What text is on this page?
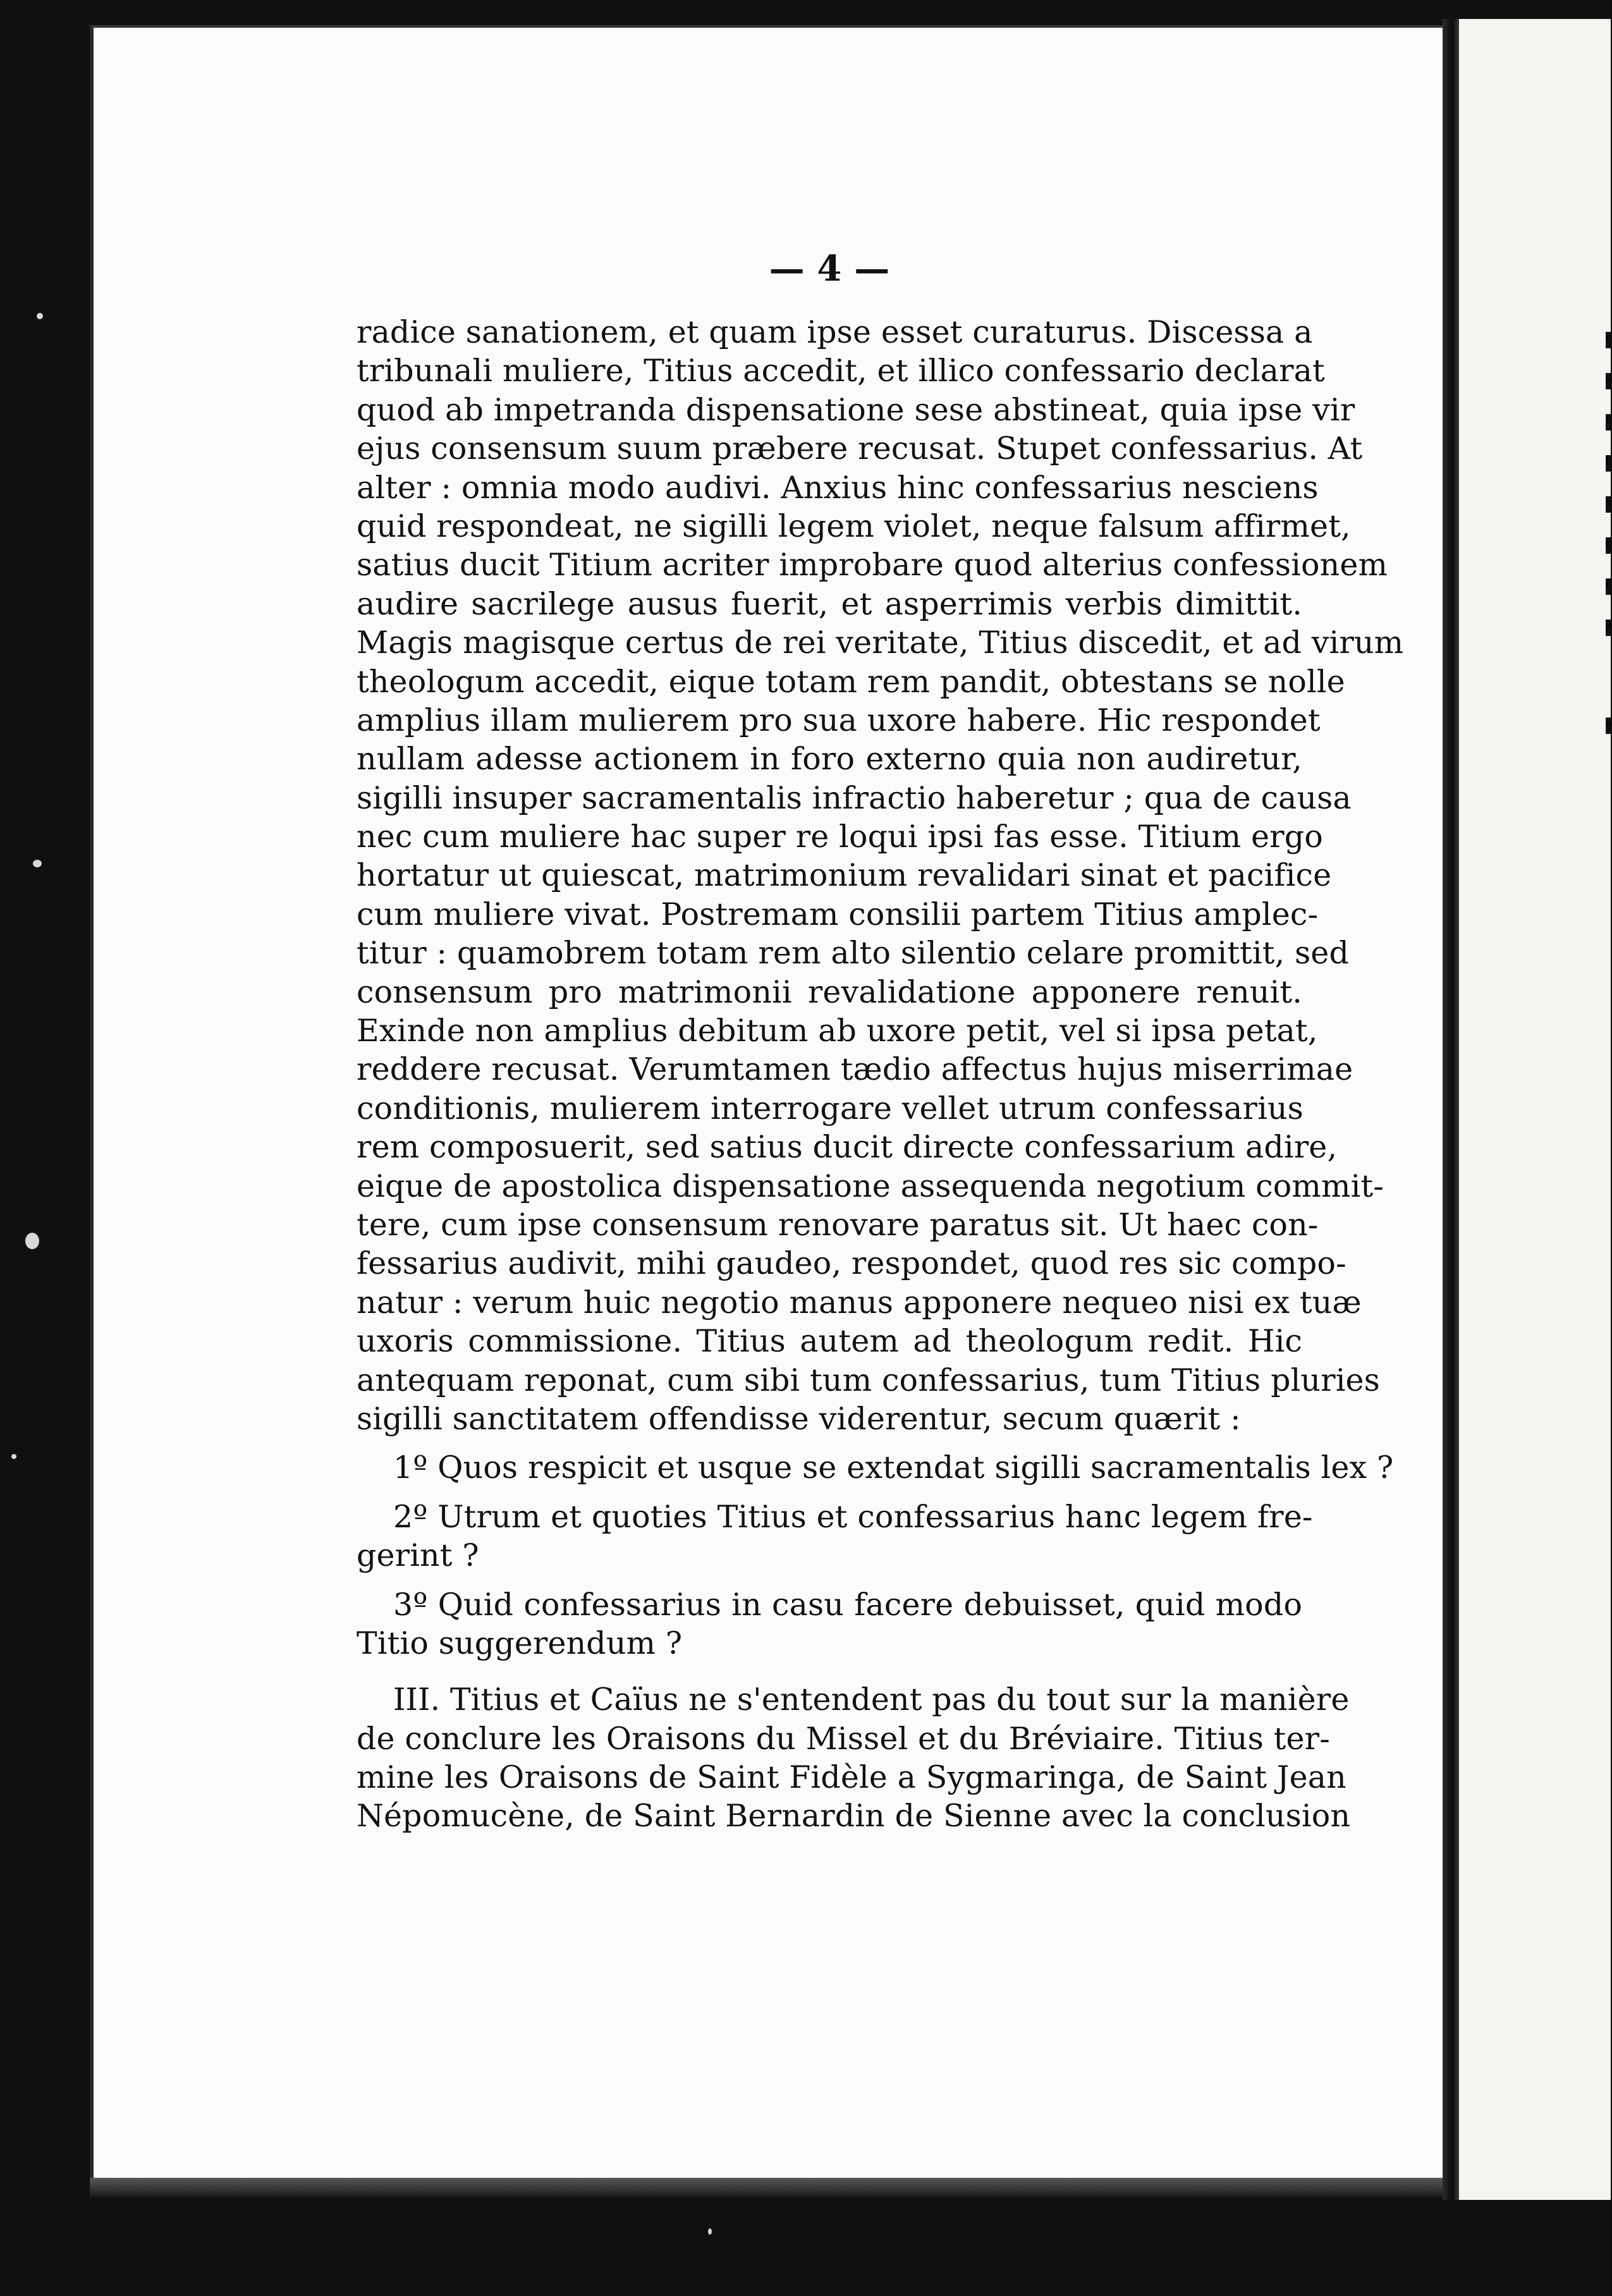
i
a
r
l
s
c
l
a
e
— 4 —
radice sanationem, et quam ipse esset curaturus. Discessa a
tribunali muliere, Titius accedit, et illico confessario declarat
quod ab impetranda dispensatione sese abstineat, quia ipse vir
ejus consensum suum præbere recusat. Stupet confessarius. At
alter : omnia modo audivi. Anxius hinc confessarius nesciens
quid respondeat, ne sigilli legem violet, neque falsum affirmet,
satius ducit Titium acriter improbare quod alterius confessionem
audire sacrilege ausus fuerit, et asperrimis verbis dimittit.
Magis magisque certus de rei veritate, Titius discedit, et ad virum
theologum accedit, eique totam rem pandit, obtestans se nolle
amplius illam mulierem pro sua uxore habere. Hic respondet
nullam adesse actionem in foro externo quia non audiretur,
sigilli insuper sacramentalis infractio haberetur ; qua de causa
nec cum muliere hac super re loqui ipsi fas esse. Titium ergo
hortatur ut quiescat, matrimonium revalidari sinat et pacifice
cum muliere vivat. Postremam consilii partem Titius amplec-
titur : quamobrem totam rem alto silentio celare promittit, sed
consensum pro matrimonii revalidatione apponere renuit.
Exinde non amplius debitum ab uxore petit, vel si ipsa petat,
reddere recusat. Verumtamen tædio affectus hujus miserrimae
conditionis, mulierem interrogare vellet utrum confessarius
rem composuerit, sed satius ducit directe confessarium adire,
eique de apostolica dispensatione assequenda negotium commit-
tere, cum ipse consensum renovare paratus sit. Ut haec con-
fessarius audivit, mihi gaudeo, respondet, quod res sic compo-
natur : verum huic negotio manus apponere nequeo nisi ex tuæ
uxoris commissione. Titius autem ad theologum redit. Hic
antequam reponat, cum sibi tum confessarius, tum Titius pluries
sigilli sanctitatem offendisse viderentur, secum quærit :
1º Quos respicit et usque se extendat sigilli sacramentalis lex ?
2º Utrum et quoties Titius et confessarius hanc legem fre-
gerint ?
3º Quid confessarius in casu facere debuisset, quid modo
Titio suggerendum ?
III. Titius et Caïus ne s'entendent pas du tout sur la manière
de conclure les Oraisons du Missel et du Bréviaire. Titius ter-
mine les Oraisons de Saint Fidèle a Sygmaringa, de Saint Jean
Népomucène, de Saint Bernardin de Sienne avec la conclusion
